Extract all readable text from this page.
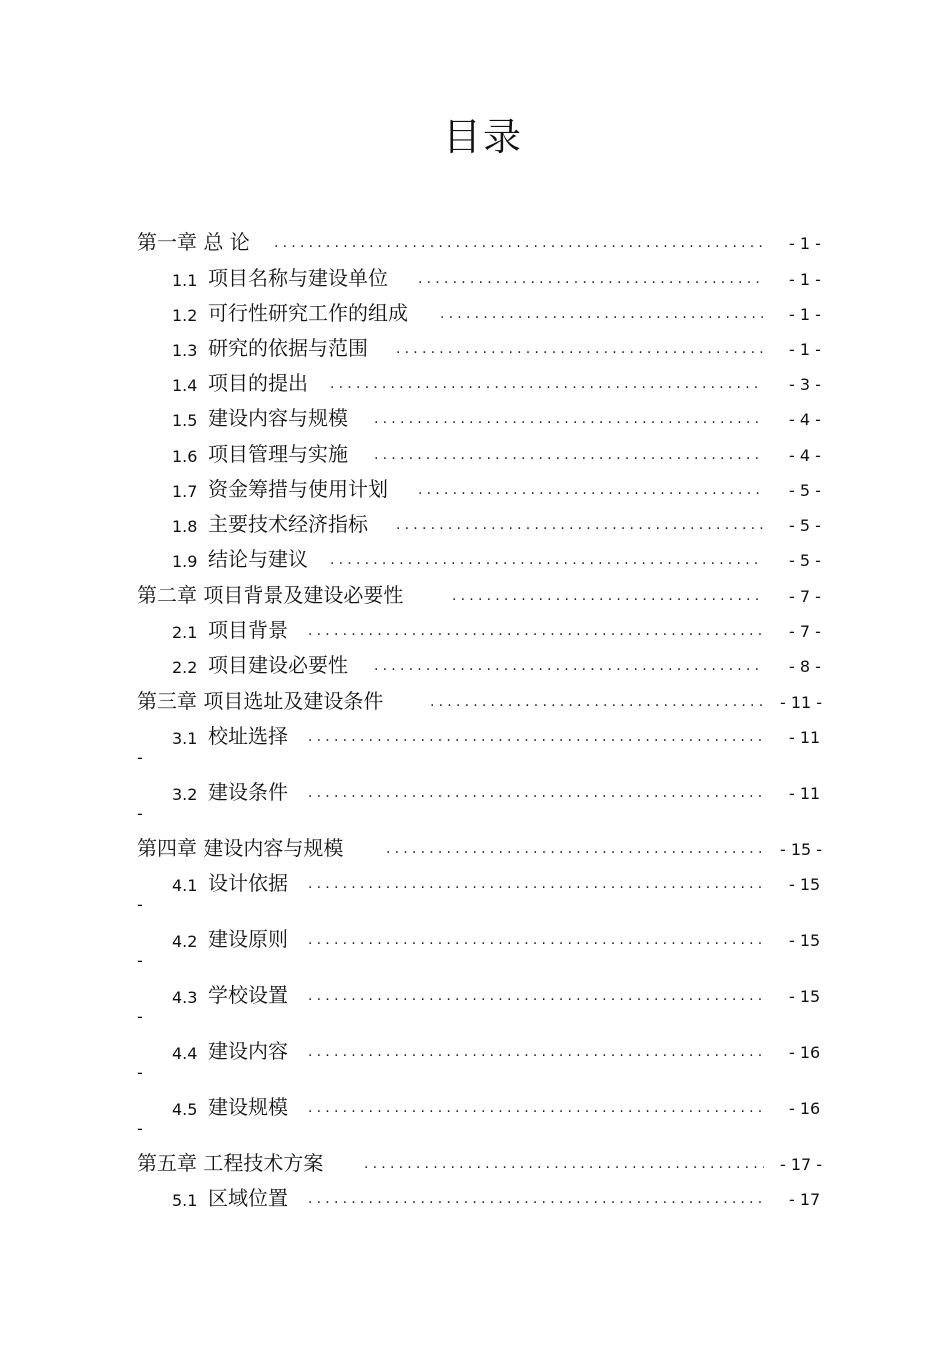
目录
第一章 总 论 .....	- 1 -
1.1 项目名称与建设单位 .....	- 1 -
1.2 可行性研究工作的组成 .....	- 1 -
1.3 研究的依据与范围 .....	- 1 -
1.4 项目的提出 .....	- 3 -
1.5 建设内容与规模 .....	- 4 -
1.6 项目管理与实施 .....	- 4 -
1.7 资金筹措与使用计划 .....	- 5 -
1.8 主要技术经济指标 .....	- 5 -
1.9 结论与建议 .....	- 5 -
第二章 项目背景及建设必要性 .....	- 7 -
2.1 项目背景 .....	- 7 -
2.2 项目建设必要性 .....	- 8 -
第三章 项目选址及建设条件 .....	- 11 -
3.1 校址选择 .....	- 11
-
3.2 建设条件 .....	- 11
-
第四章 建设内容与规模 .....	- 15 -
4.1 设计依据 .....	- 15
-
4.2 建设原则 .....	- 15
-
4.3 学校设置 .....	- 15
-
4.4 建设内容 .....	- 16
-
4.5 建设规模 .....	- 16
-
第五章 工程技术方案 .....	- 17 -
5.1 区域位置 .....	- 17
